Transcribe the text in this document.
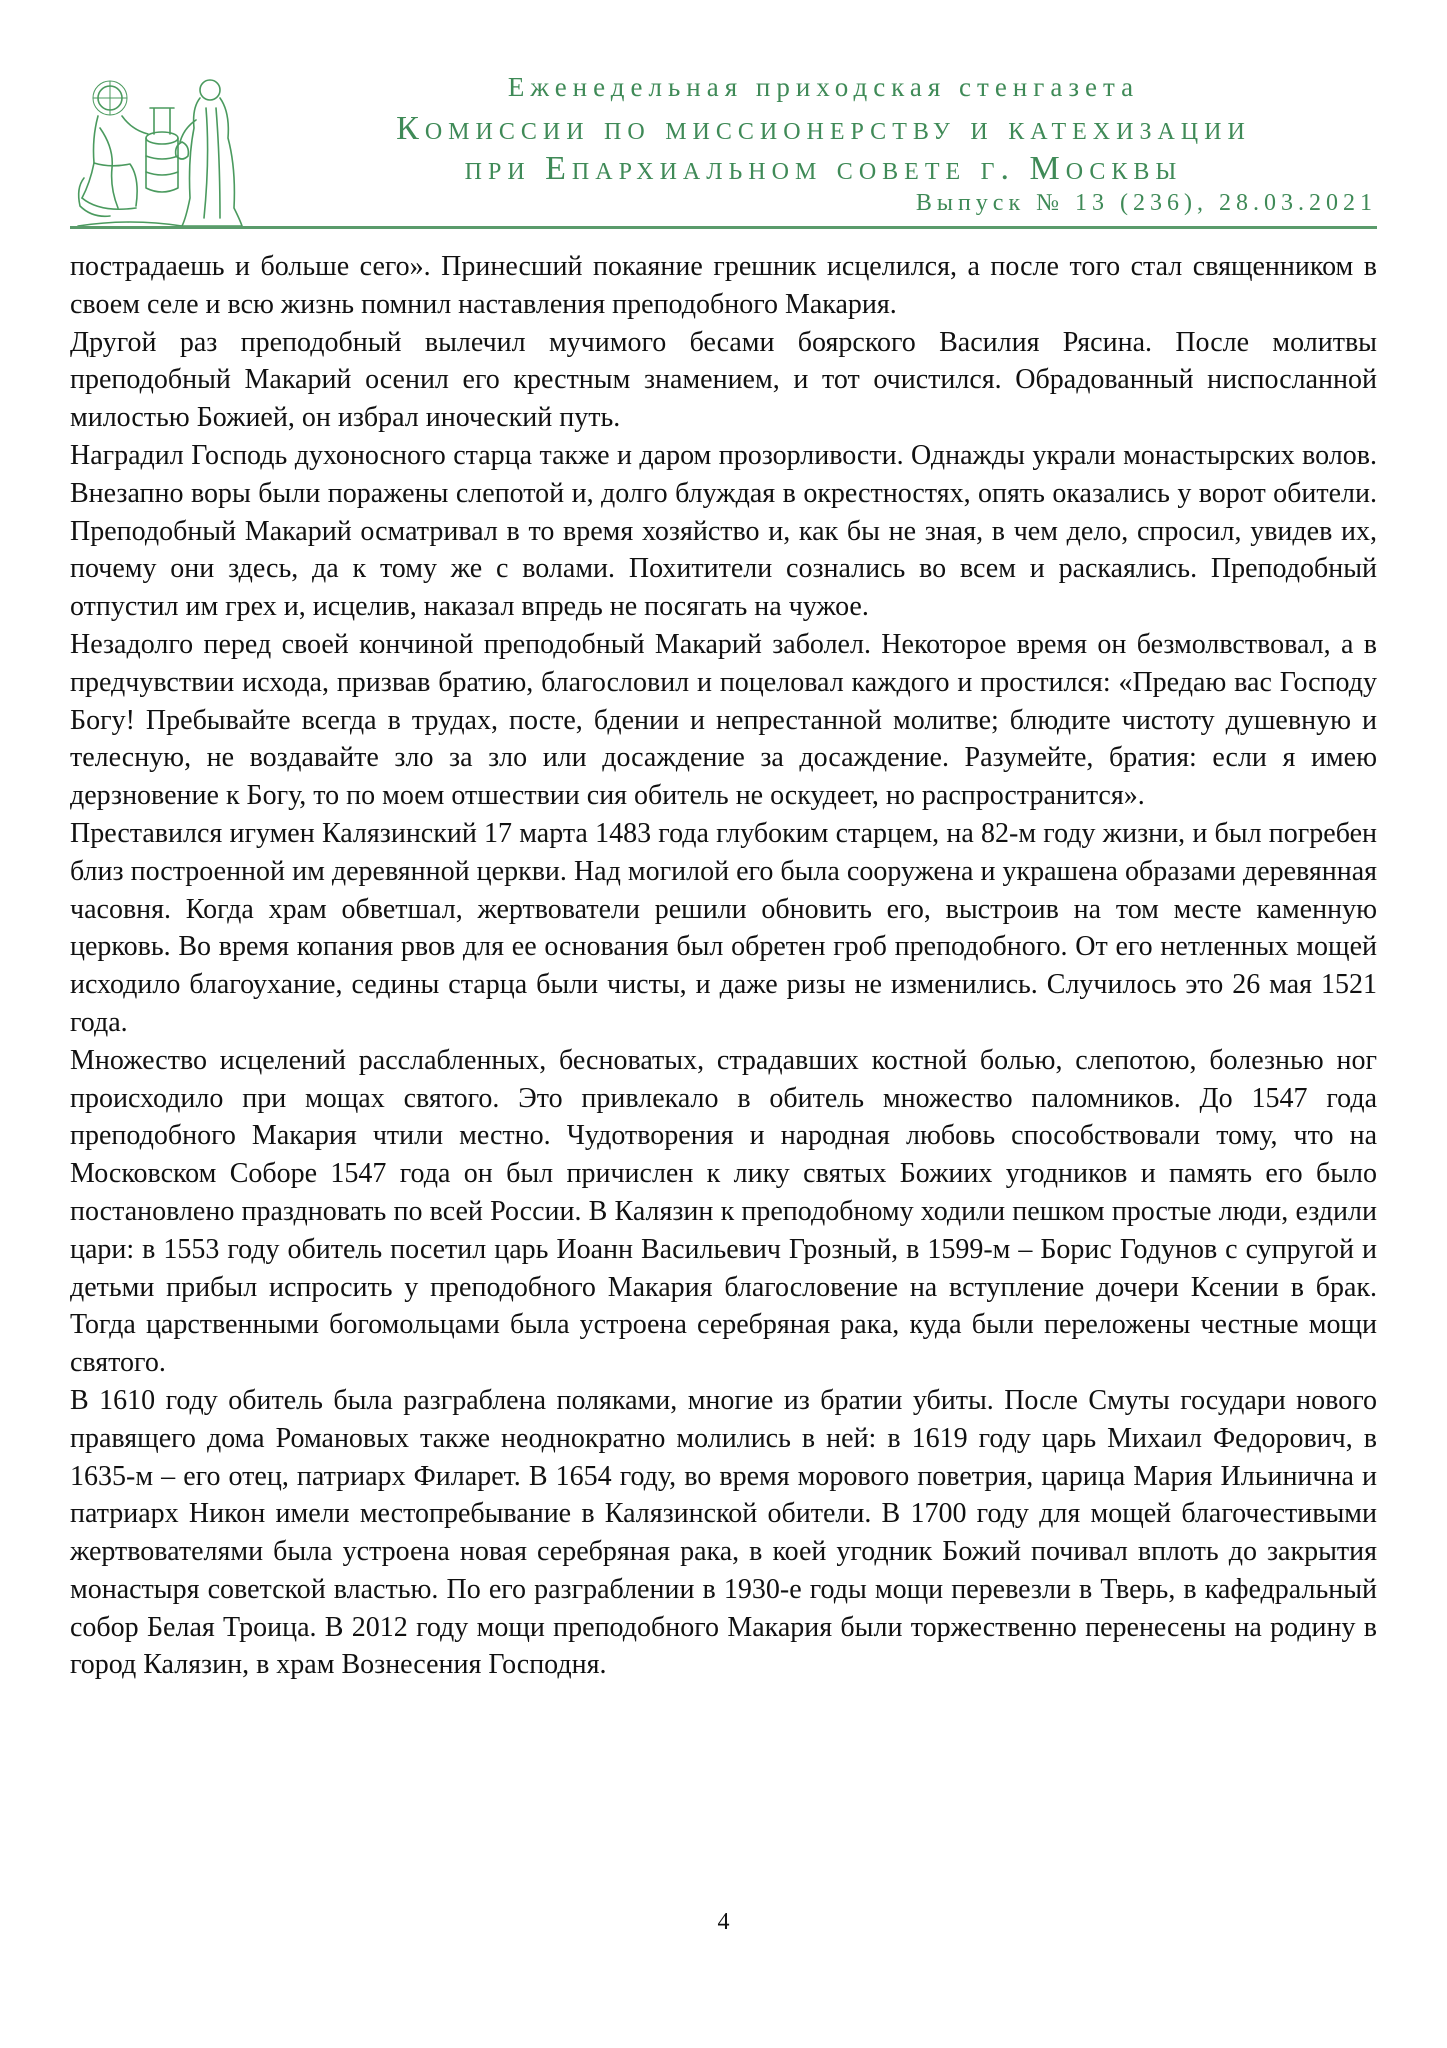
Еженедельная приходская стенгазета
Комиссии по миссионерству и катехизации
при Епархиальном совете г. Москвы
Выпуск № 13 (236), 28.03.2021

пострадаешь и больше сего». Принесший покаяние грешник исцелился, а после того стал священником в своем селе и всю жизнь помнил наставления преподобного Макария.

Другой раз преподобный вылечил мучимого бесами боярского Василия Рясина. После молитвы преподобный Макарий осенил его крестным знамением, и тот очистился. Обрадованный ниспосланной милостью Божией, он избрал иноческий путь.

Наградил Господь духоносного старца также и даром прозорливости. Однажды украли монастырских волов. Внезапно воры были поражены слепотой и, долго блуждая в окрестностях, опять оказались у ворот обители. Преподобный Макарий осматривал в то время хозяйство и, как бы не зная, в чем дело, спросил, увидев их, почему они здесь, да к тому же с волами. Похитители сознались во всем и раскаялись. Преподобный отпустил им грех и, исцелив, наказал впредь не посягать на чужое.

Незадолго перед своей кончиной преподобный Макарий заболел. Некоторое время он безмолвствовал, а в предчувствии исхода, призвав братию, благословил и поцеловал каждого и простился: «Предаю вас Господу Богу! Пребывайте всегда в трудах, посте, бдении и непрестанной молитве; блюдите чистоту душевную и телесную, не воздавайте зло за зло или досаждение за досаждение. Разумейте, братия: если я имею дерзновение к Богу, то по моем отшествии сия обитель не оскудеет, но распространится».

Преставился игумен Калязинский 17 марта 1483 года глубоким старцем, на 82-м году жизни, и был погребен близ построенной им деревянной церкви. Над могилой его была сооружена и украшена образами деревянная часовня. Когда храм обветшал, жертвователи решили обновить его, выстроив на том месте каменную церковь. Во время копания рвов для ее основания был обретен гроб преподобного. От его нетленных мощей исходило благоухание, седины старца были чисты, и даже ризы не изменились. Случилось это 26 мая 1521 года.

Множество исцелений расслабленных, бесноватых, страдавших костной болью, слепотою, болезнью ног происходило при мощах святого. Это привлекало в обитель множество паломников. До 1547 года преподобного Макария чтили местно. Чудотворения и народная любовь способствовали тому, что на Московском Соборе 1547 года он был причислен к лику святых Божиих угодников и память его было постановлено праздновать по всей России. В Калязин к преподобному ходили пешком простые люди, ездили цари: в 1553 году обитель посетил царь Иоанн Васильевич Грозный, в 1599-м – Борис Годунов с супругой и детьми прибыл испросить у преподобного Макария благословение на вступление дочери Ксении в брак. Тогда царственными богомольцами была устроена серебряная рака, куда были переложены честные мощи святого.

В 1610 году обитель была разграблена поляками, многие из братии убиты. После Смуты государи нового правящего дома Романовых также неоднократно молились в ней: в 1619 году царь Михаил Федорович, в 1635-м – его отец, патриарх Филарет. В 1654 году, во время морового поветрия, царица Мария Ильинична и патриарх Никон имели местопребывание в Калязинской обители. В 1700 году для мощей благочестивыми жертвователями была устроена новая серебряная рака, в коей угодник Божий почивал вплоть до закрытия монастыря советской властью. По его разграблении в 1930-е годы мощи перевезли в Тверь, в кафедральный собор Белая Троица. В 2012 году мощи преподобного Макария были торжественно перенесены на родину в город Калязин, в храм Вознесения Господня.

4
